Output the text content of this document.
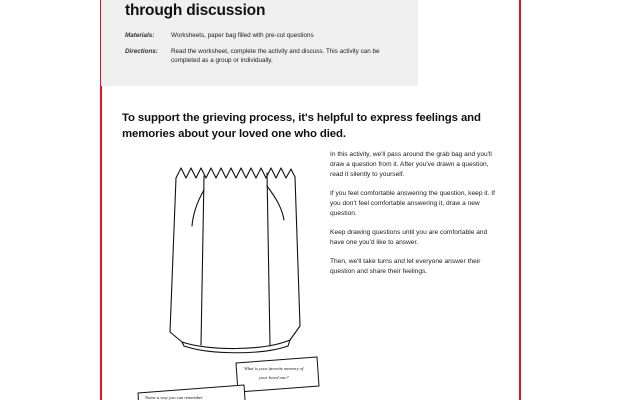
through discussion
Materials:	Worksheets, paper bag filled with pre-cut questions
Directions:	Read the worksheet, complete the activity and discuss. This activity can be completed as a group or individually.
To support the grieving process, it's helpful to express feelings and memories about your loved one who died.

In this activity, we'll pass around the grab bag and you'll draw a question from it. After you've drawn a question, read it silently to yourself.

If you feel comfortable answering the question, keep it. If you don't feel comfortable answering it, draw a new question.

Keep drawing questions until you are comfortable and have one you'd like to answer.

Then, we'll take turns and let everyone answer their question and share their feelings.

What is your favorite memory of
your loved one?
Name a way you can remember
